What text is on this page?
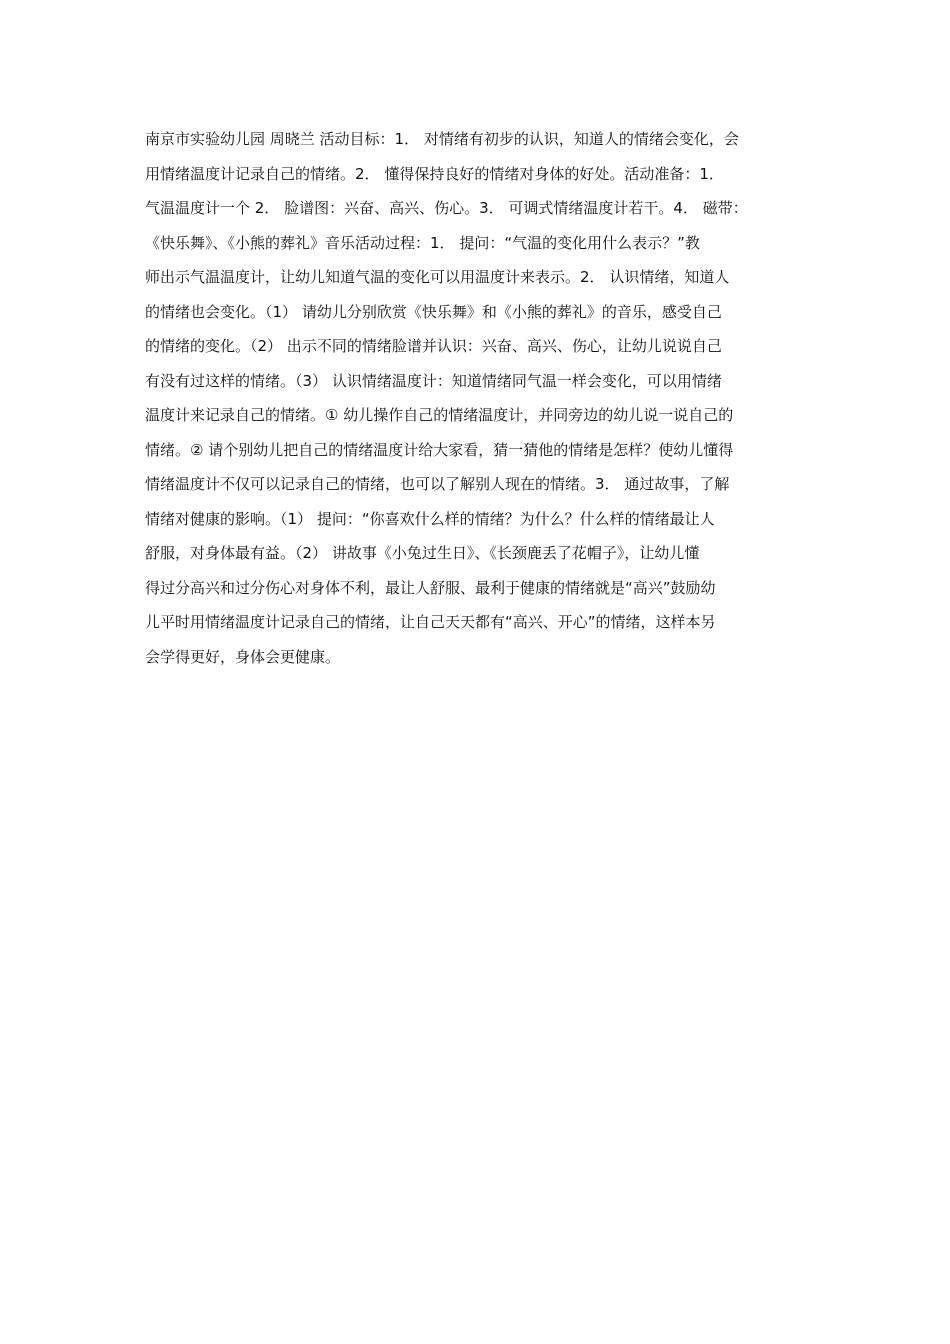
南京市实验幼儿园 周晓兰 活动目标：1． 对情绪有初步的认识，知道人的情绪会变化，会
用情绪温度计记录自己的情绪。2． 懂得保持良好的情绪对身体的好处。活动准备：1．
气温温度计一个 2． 脸谱图：兴奋、高兴、伤心。3． 可调式情绪温度计若干。4． 磁带：
《快乐舞》、《小熊的葬礼》音乐活动过程：1． 提问：“气温的变化用什么表示？”教
师出示气温温度计，让幼儿知道气温的变化可以用温度计来表示。2． 认识情绪，知道人
的情绪也会变化。（1） 请幼儿分别欣赏《快乐舞》和《小熊的葬礼》的音乐，感受自己
的情绪的变化。（2） 出示不同的情绪脸谱并认识：兴奋、高兴、伤心，让幼儿说说自己
有没有过这样的情绪。（3） 认识情绪温度计：知道情绪同气温一样会变化，可以用情绪
温度计来记录自己的情绪。① 幼儿操作自己的情绪温度计，并同旁边的幼儿说一说自己的
情绪。② 请个别幼儿把自己的情绪温度计给大家看，猜一猜他的情绪是怎样？使幼儿懂得
情绪温度计不仅可以记录自己的情绪，也可以了解别人现在的情绪。3． 通过故事，了解
情绪对健康的影响。（1） 提问：“你喜欢什么样的情绪？为什么？什么样的情绪最让人
舒服，对身体最有益。（2） 讲故事《小兔过生日》、《长颈鹿丢了花帽子》，让幼儿懂
得过分高兴和过分伤心对身体不利，最让人舒服、最利于健康的情绪就是“高兴”鼓励幼
儿平时用情绪温度计记录自己的情绪，让自己天天都有“高兴、开心”的情绪，这样本另
会学得更好，身体会更健康。
